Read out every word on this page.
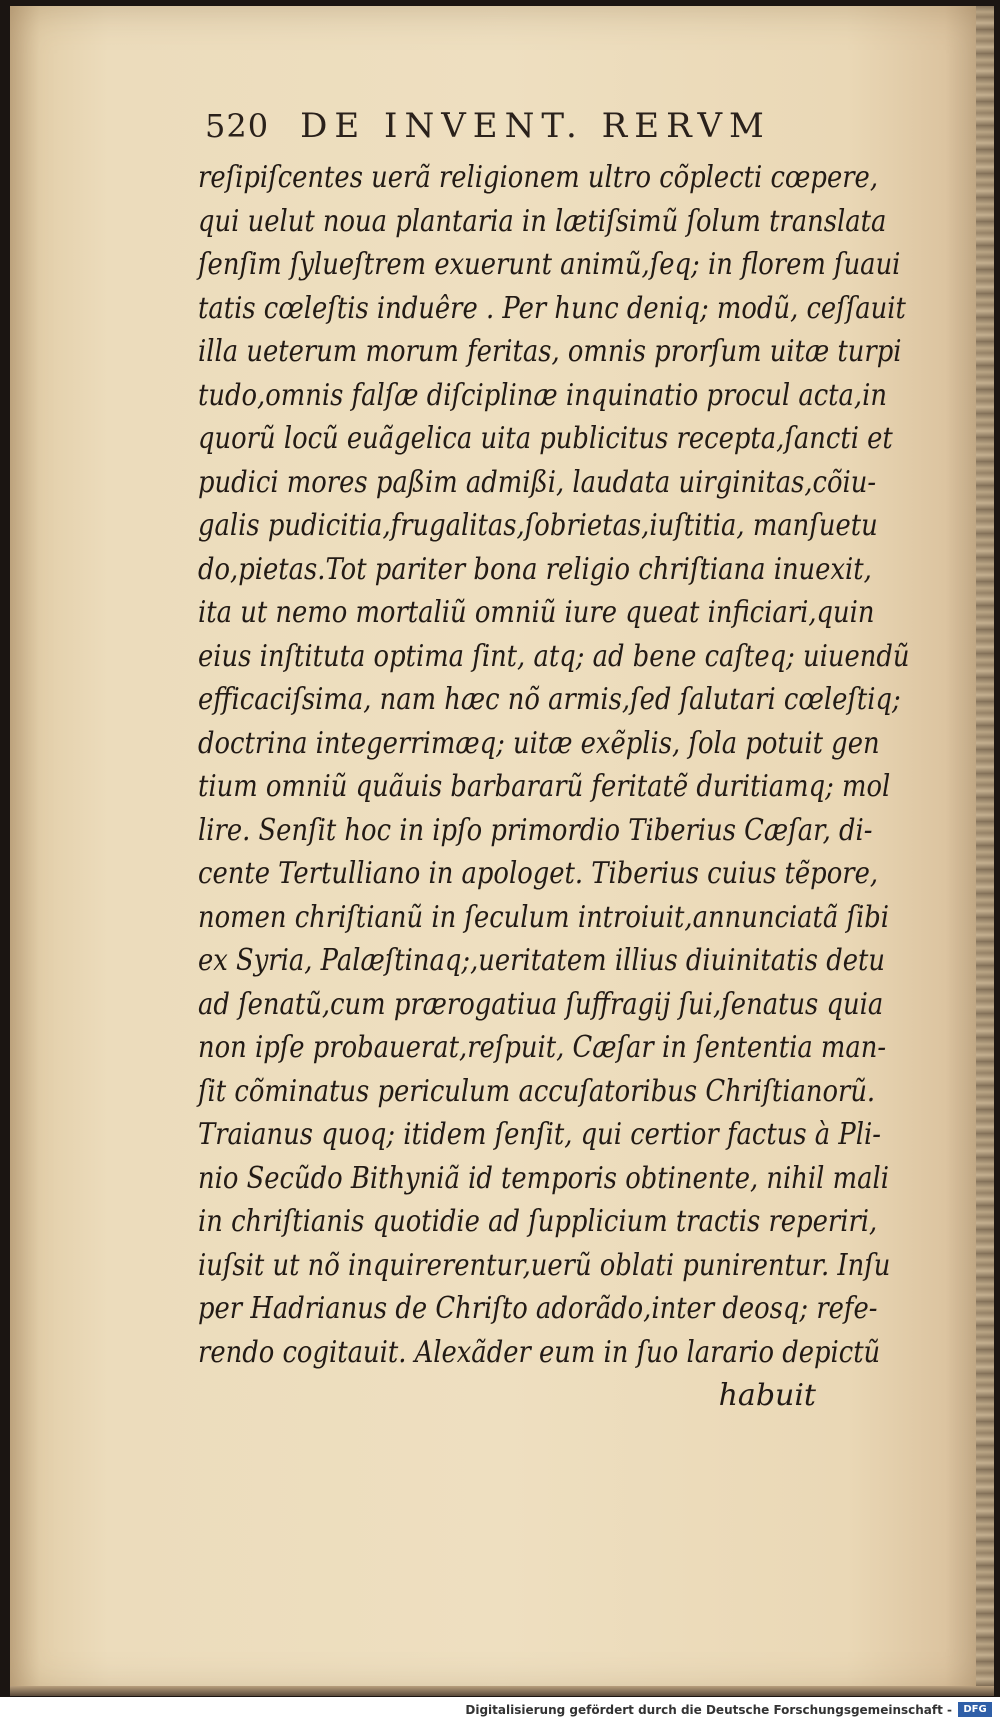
520 DE INVENT. RERVM
reſipiſcentes uerã religionem ultro cõplecti cœpere,
qui uelut noua plantaria in lætiſsimũ ſolum translata
ſenſim ſylueſtrem exuerunt animũ,ſeq; in florem ſuaui
tatis cœleſtis induêre . Per hunc deniq; modũ, ceſſauit
illa ueterum morum feritas, omnis prorſum uitæ turpi
tudo,omnis falſæ diſciplinæ inquinatio procul acta,in
quorũ locũ euãgelica uita publicitus recepta,ſancti et
pudici mores paßim admißi, laudata uirginitas,cõiu-
galis pudicitia,frugalitas,ſobrietas,iuſtitia, manſuetu
do,pietas.Tot pariter bona religio chriſtiana inuexit,
ita ut nemo mortaliũ omniũ iure queat inficiari,quin
eius inſtituta optima ſint, atq; ad bene caſteq; uiuendũ
efficaciſsima, nam hæc nõ armis,ſed ſalutari cœleſtiq;
doctrina integerrimæq; uitæ exẽplis, ſola potuit gen
tium omniũ quãuis barbararũ feritatẽ duritiamq; mol
lire. Senſit hoc in ipſo primordio Tiberius Cæſar, di-
cente Tertulliano in apologet. Tiberius cuius tẽpore,
nomen chriſtianũ in ſeculum introiuit,annunciatã ſibi
ex Syria, Palæſtinaq;,ueritatem illius diuinitatis detu
ad ſenatũ,cum prærogatiua ſuffragij ſui,ſenatus quia
non ipſe probauerat,reſpuit, Cæſar in ſententia man-
ſit cõminatus periculum accuſatoribus Chriſtianorũ.
Traianus quoq; itidem ſenſit, qui certior factus à Pli-
nio Secũdo Bithyniã id temporis obtinente, nihil mali
in chriſtianis quotidie ad ſupplicium tractis reperiri,
iuſsit ut nõ inquirerentur,uerũ oblati punirentur. Inſu
per Hadrianus de Chriſto adorãdo,inter deosq; refe-
rendo cogitauit. Alexãder eum in ſuo larario depictũ
habuit
Digitalisierung gefördert durch die Deutsche Forschungsgemeinschaft -	DFG
